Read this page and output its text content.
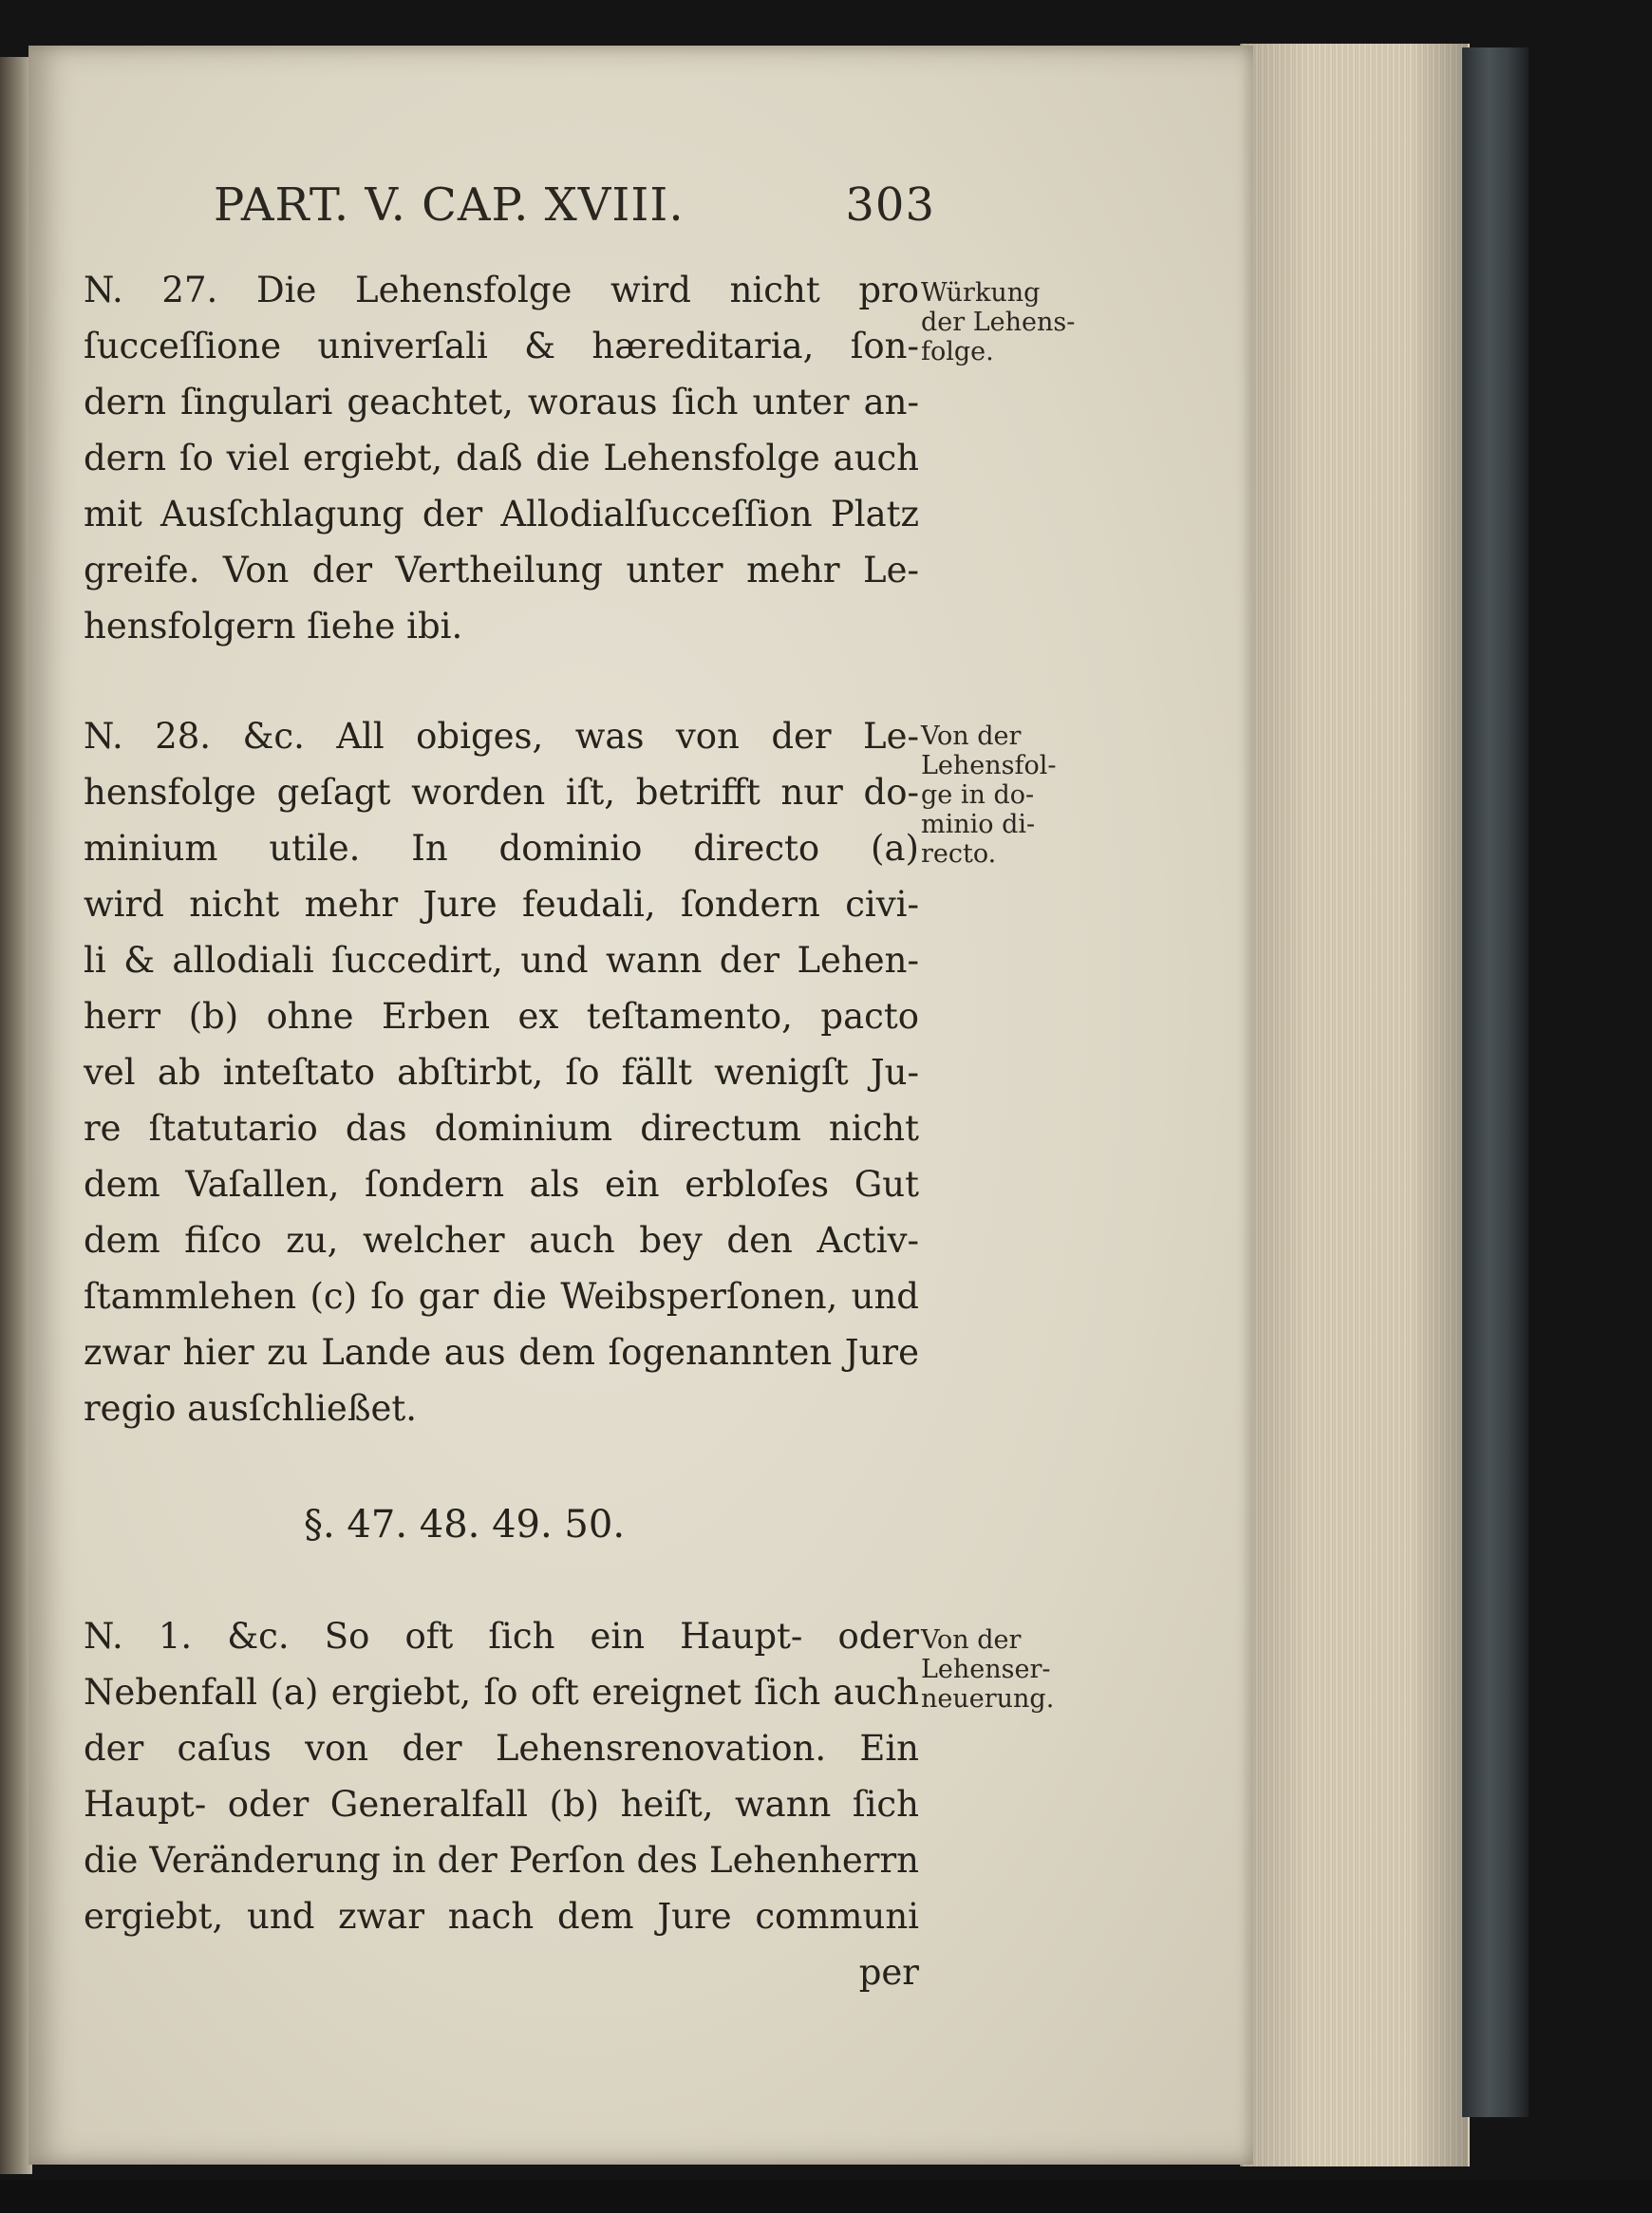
PART. V. CAP. XVIII.	303
N. 27. Die Lehensfolge wird nicht pro
ſucceſſione univerſali & hæreditaria, ſon-
dern ſingulari geachtet, woraus ſich unter an-
dern ſo viel ergiebt, daß die Lehensfolge auch
mit Ausſchlagung der Allodialſucceſſion Platz
greife. Von der Vertheilung unter mehr Le-
hensfolgern ſiehe ibi.
Würkung
der Lehens-
folge.
N. 28. &c. All obiges, was von der Le-
hensfolge geſagt worden iſt, betrifft nur do-
minium utile. In dominio directo (a)
wird nicht mehr Jure feudali, ſondern civi-
li & allodiali ſuccedirt, und wann der Lehen-
herr (b) ohne Erben ex teſtamento, pacto
vel ab inteſtato abſtirbt, ſo fällt wenigſt Ju-
re ſtatutario das dominium directum nicht
dem Vaſallen, ſondern als ein erbloſes Gut
dem fiſco zu, welcher auch bey den Activ-
ſtammlehen (c) ſo gar die Weibsperſonen, und
zwar hier zu Lande aus dem ſogenannten Jure
regio ausſchließet.
Von der
Lehensfol-
ge in do-
minio di-
recto.
§. 47. 48. 49. 50.
N. 1. &c. So oft ſich ein Haupt- oder
Nebenfall (a) ergiebt, ſo oft ereignet ſich auch
der caſus von der Lehensrenovation. Ein
Haupt- oder Generalfall (b) heiſt, wann ſich
die Veränderung in der Perſon des Lehenherrn
ergiebt, und zwar nach dem Jure communi
per
Von der
Lehenser-
neuerung.
